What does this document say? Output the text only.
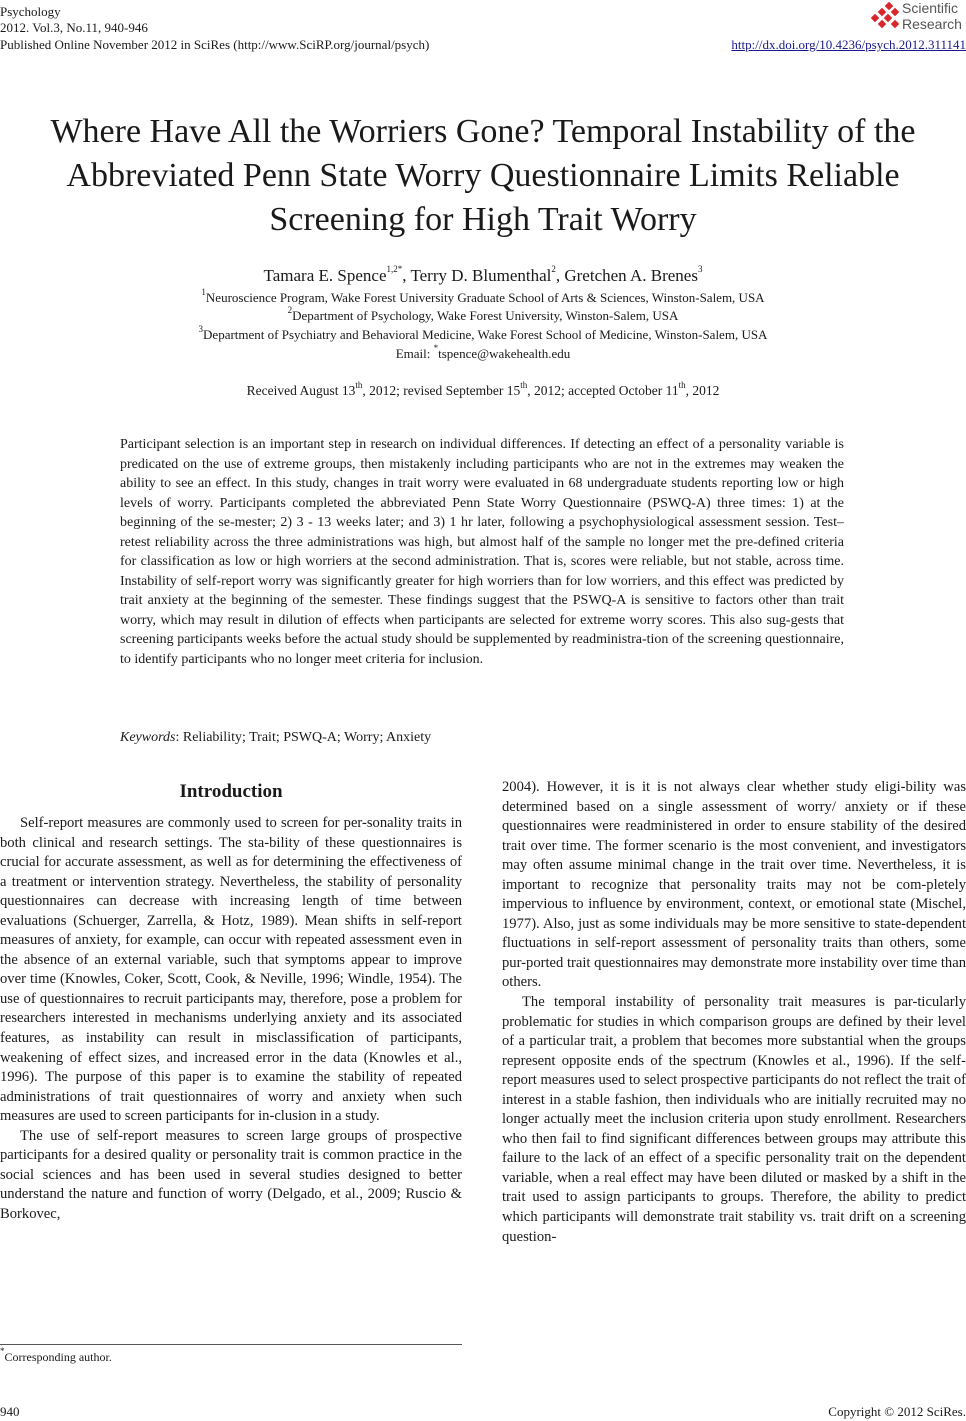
Psychology
2012. Vol.3, No.11, 940-946
Published Online November 2012 in SciRes (http://www.SciRP.org/journal/psych)	http://dx.doi.org/10.4236/psych.2012.311141
Scientific
Research
Where Have All the Worriers Gone? Temporal Instability of the Abbreviated Penn State Worry Questionnaire Limits Reliable Screening for High Trait Worry
Tamara E. Spence$^{1,2*}$, Terry D. Blumenthal$^2$, Gretchen A. Brenes$^3$
$^1$Neuroscience Program, Wake Forest University Graduate School of Arts & Sciences, Winston-Salem, USA
$^2$Department of Psychology, Wake Forest University, Winston-Salem, USA
$^3$Department of Psychiatry and Behavioral Medicine, Wake Forest School of Medicine, Winston-Salem, USA
Email: *tspence@wakehealth.edu
Received August 13th, 2012; revised September 15th, 2012; accepted October 11th, 2012

Participant selection is an important step in research on individual differences. If detecting an effect of a personality variable is predicated on the use of extreme groups, then mistakenly including participants who are not in the extremes may weaken the ability to see an effect. In this study, changes in trait worry were evaluated in 68 undergraduate students reporting low or high levels of worry. Participants completed the abbreviated Penn State Worry Questionnaire (PSWQ-A) three times: 1) at the beginning of the se-mester; 2) 3 - 13 weeks later; and 3) 1 hr later, following a psychophysiological assessment session. Test–retest reliability across the three administrations was high, but almost half of the sample no longer met the pre-defined criteria for classification as low or high worriers at the second administration. That is, scores were reliable, but not stable, across time. Instability of self-report worry was significantly greater for high worriers than for low worriers, and this effect was predicted by trait anxiety at the beginning of the semester. These findings suggest that the PSWQ-A is sensitive to factors other than trait worry, which may result in dilution of effects when participants are selected for extreme worry scores. This also sug-gests that screening participants weeks before the actual study should be supplemented by readministra-tion of the screening questionnaire, to identify participants who no longer meet criteria for inclusion.

Keywords: Reliability; Trait; PSWQ-A; Worry; Anxiety
Introduction

Self-report measures are commonly used to screen for per-sonality traits in both clinical and research settings. The sta-bility of these questionnaires is crucial for accurate assessment, as well as for determining the effectiveness of a treatment or intervention strategy. Nevertheless, the stability of personality questionnaires can decrease with increasing length of time between evaluations (Schuerger, Zarrella, & Hotz, 1989). Mean shifts in self-report measures of anxiety, for example, can occur with repeated assessment even in the absence of an external variable, such that symptoms appear to improve over time (Knowles, Coker, Scott, Cook, & Neville, 1996; Windle, 1954). The use of questionnaires to recruit participants may, therefore, pose a problem for researchers interested in mechanisms underlying anxiety and its associated features, as instability can result in misclassification of participants, weakening of effect sizes, and increased error in the data (Knowles et al., 1996). The purpose of this paper is to examine the stability of repeated administrations of trait questionnaires of worry and anxiety when such measures are used to screen participants for in-clusion in a study.

The use of self-report measures to screen large groups of prospective participants for a desired quality or personality trait is common practice in the social sciences and has been used in several studies designed to better understand the nature and function of worry (Delgado, et al., 2009; Ruscio & Borkovec,

2004). However, it is it is not always clear whether study eligi-bility was determined based on a single assessment of worry/ anxiety or if these questionnaires were readministered in order to ensure stability of the desired trait over time. The former scenario is the most convenient, and investigators may often assume minimal change in the trait over time. Nevertheless, it is important to recognize that personality traits may not be com-pletely impervious to influence by environment, context, or emotional state (Mischel, 1977). Also, just as some individuals may be more sensitive to state-dependent fluctuations in self-report assessment of personality traits than others, some pur-ported trait questionnaires may demonstrate more instability over time than others.

The temporal instability of personality trait measures is par-ticularly problematic for studies in which comparison groups are defined by their level of a particular trait, a problem that becomes more substantial when the groups represent opposite ends of the spectrum (Knowles et al., 1996). If the self-report measures used to select prospective participants do not reflect the trait of interest in a stable fashion, then individuals who are initially recruited may no longer actually meet the inclusion criteria upon study enrollment. Researchers who then fail to find significant differences between groups may attribute this failure to the lack of an effect of a specific personality trait on the dependent variable, when a real effect may have been diluted or masked by a shift in the trait used to assign participants to groups. Therefore, the ability to predict which participants will demonstrate trait stability vs. trait drift on a screening question-

*Corresponding author.
940	Copyright © 2012 SciRes.
